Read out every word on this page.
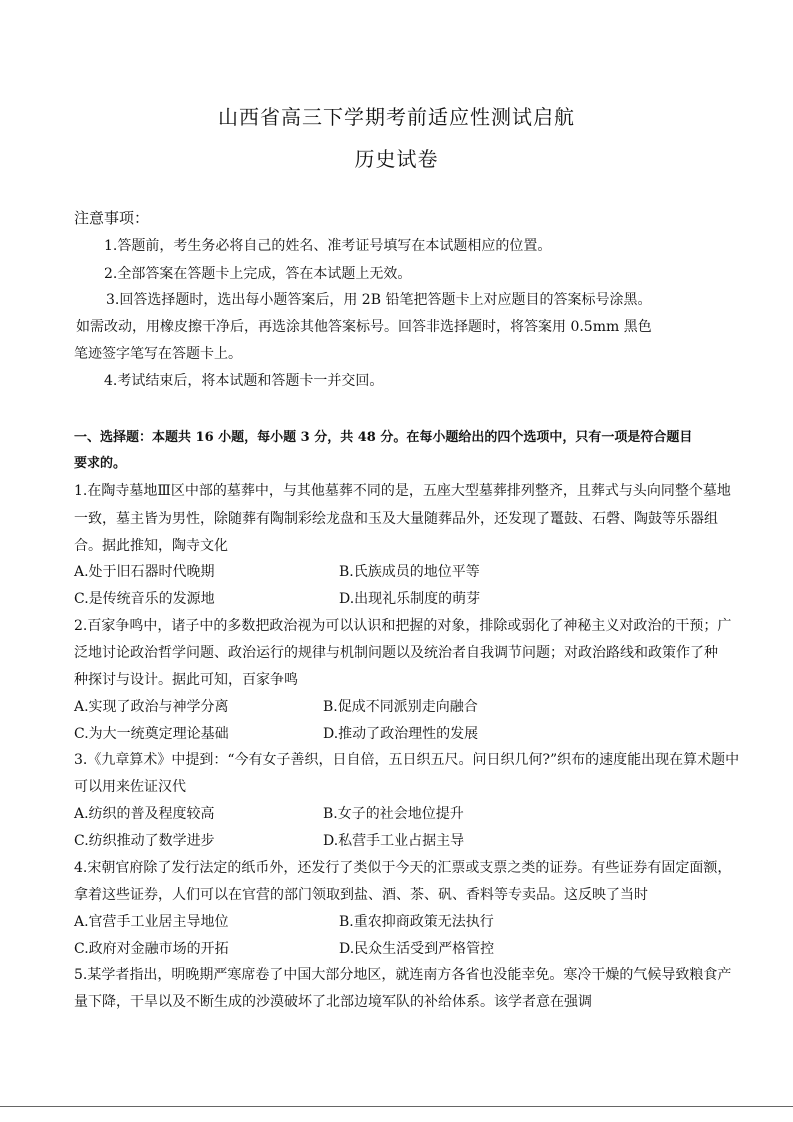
山西省高三下学期考前适应性测试启航
历史试卷
注意事项：
1.答题前，考生务必将自己的姓名、准考证号填写在本试题相应的位置。
2.全部答案在答题卡上完成，答在本试题上无效。
3.回答选择题时，选出每小题答案后，用 2B 铅笔把答题卡上对应题目的答案标号涂黑。
如需改动，用橡皮擦干净后，再选涂其他答案标号。回答非选择题时，将答案用 0.5mm 黑色
笔迹签字笔写在答题卡上。
4.考试结束后，将本试题和答题卡一并交回。
一、选择题：本题共 16 小题，每小题 3 分，共 48 分。在每小题给出的四个选项中，只有一项是符合题目
要求的。
1.在陶寺墓地Ⅲ区中部的墓葬中，与其他墓葬不同的是，五座大型墓葬排列整齐，且葬式与头向同整个墓地
一致，墓主皆为男性，除随葬有陶制彩绘龙盘和玉及大量随葬品外，还发现了鼍鼓、石磬、陶鼓等乐器组
合。据此推知，陶寺文化
A.处于旧石器时代晚期	B.氏族成员的地位平等
C.是传统音乐的发源地	D.出现礼乐制度的萌芽
2.百家争鸣中，诸子中的多数把政治视为可以认识和把握的对象，排除或弱化了神秘主义对政治的干预；广
泛地讨论政治哲学问题、政治运行的规律与机制问题以及统治者自我调节问题；对政治路线和政策作了种
种探讨与设计。据此可知，百家争鸣
A.实现了政治与神学分离	B.促成不同派别走向融合
C.为大一统奠定理论基础	D.推动了政治理性的发展
3.《九章算术》中提到：“今有女子善织，日自倍，五日织五尺。问日织几何?”织布的速度能出现在算术题中
可以用来佐证汉代
A.纺织的普及程度较高	B.女子的社会地位提升
C.纺织推动了数学进步	D.私营手工业占据主导
4.宋朝官府除了发行法定的纸币外，还发行了类似于今天的汇票或支票之类的证券。有些证券有固定面额，
拿着这些证券，人们可以在官营的部门领取到盐、酒、茶、矾、香料等专卖品。这反映了当时
A.官营手工业居主导地位	B.重农抑商政策无法执行
C.政府对金融市场的开拓	D.民众生活受到严格管控
5.某学者指出，明晚期严寒席卷了中国大部分地区，就连南方各省也没能幸免。寒冷干燥的气候导致粮食产
量下降，干旱以及不断生成的沙漠破坏了北部边境军队的补给体系。该学者意在强调
